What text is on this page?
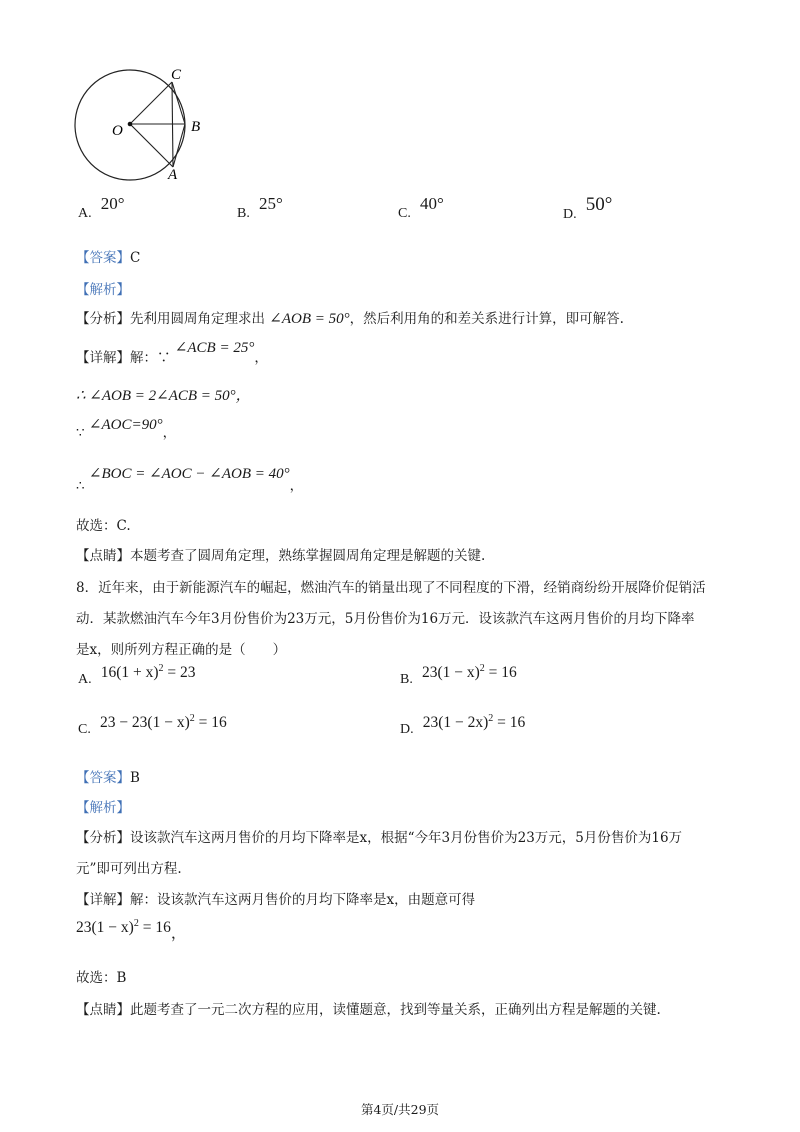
O
C
B
A
A. 20°
B. 25°
C. 40°
D. 50°
【答案】C
【解析】
【分析】先利用圆周角定理求出 ∠AOB = 50°，然后利用角的和差关系进行计算，即可解答.
【详解】解：∵ ∠ACB = 25°，
∴ ∠AOB = 2∠ACB = 50°，
∵ ∠AOC=90°，
∴ ∠BOC = ∠AOC − ∠AOB = 40°，
故选：C.
【点睛】本题考查了圆周角定理，熟练掌握圆周角定理是解题的关键.
8．近年来，由于新能源汽车的崛起，燃油汽车的销量出现了不同程度的下滑，经销商纷纷开展降价促销活
动．某款燃油汽车今年3月份售价为23万元，5月份售价为16万元．设该款汽车这两月售价的月均下降率
是x，则所列方程正确的是（　　）
A. $16(1 + x)^2 = 23$	B. $23(1 - x)^2 = 16$
C. $23 - 23(1 - x)^2 = 16$	D. $23(1 - 2x)^2 = 16$
【答案】B
【解析】
【分析】设该款汽车这两月售价的月均下降率是x，根据“今年3月份售价为23万元，5月份售价为16万
元”即可列出方程.
【详解】解：设该款汽车这两月售价的月均下降率是x，由题意可得
$23(1 - x)^2 = 16$，
故选：B
【点睛】此题考查了一元二次方程的应用，读懂题意，找到等量关系，正确列出方程是解题的关键.
第4页/共29页
